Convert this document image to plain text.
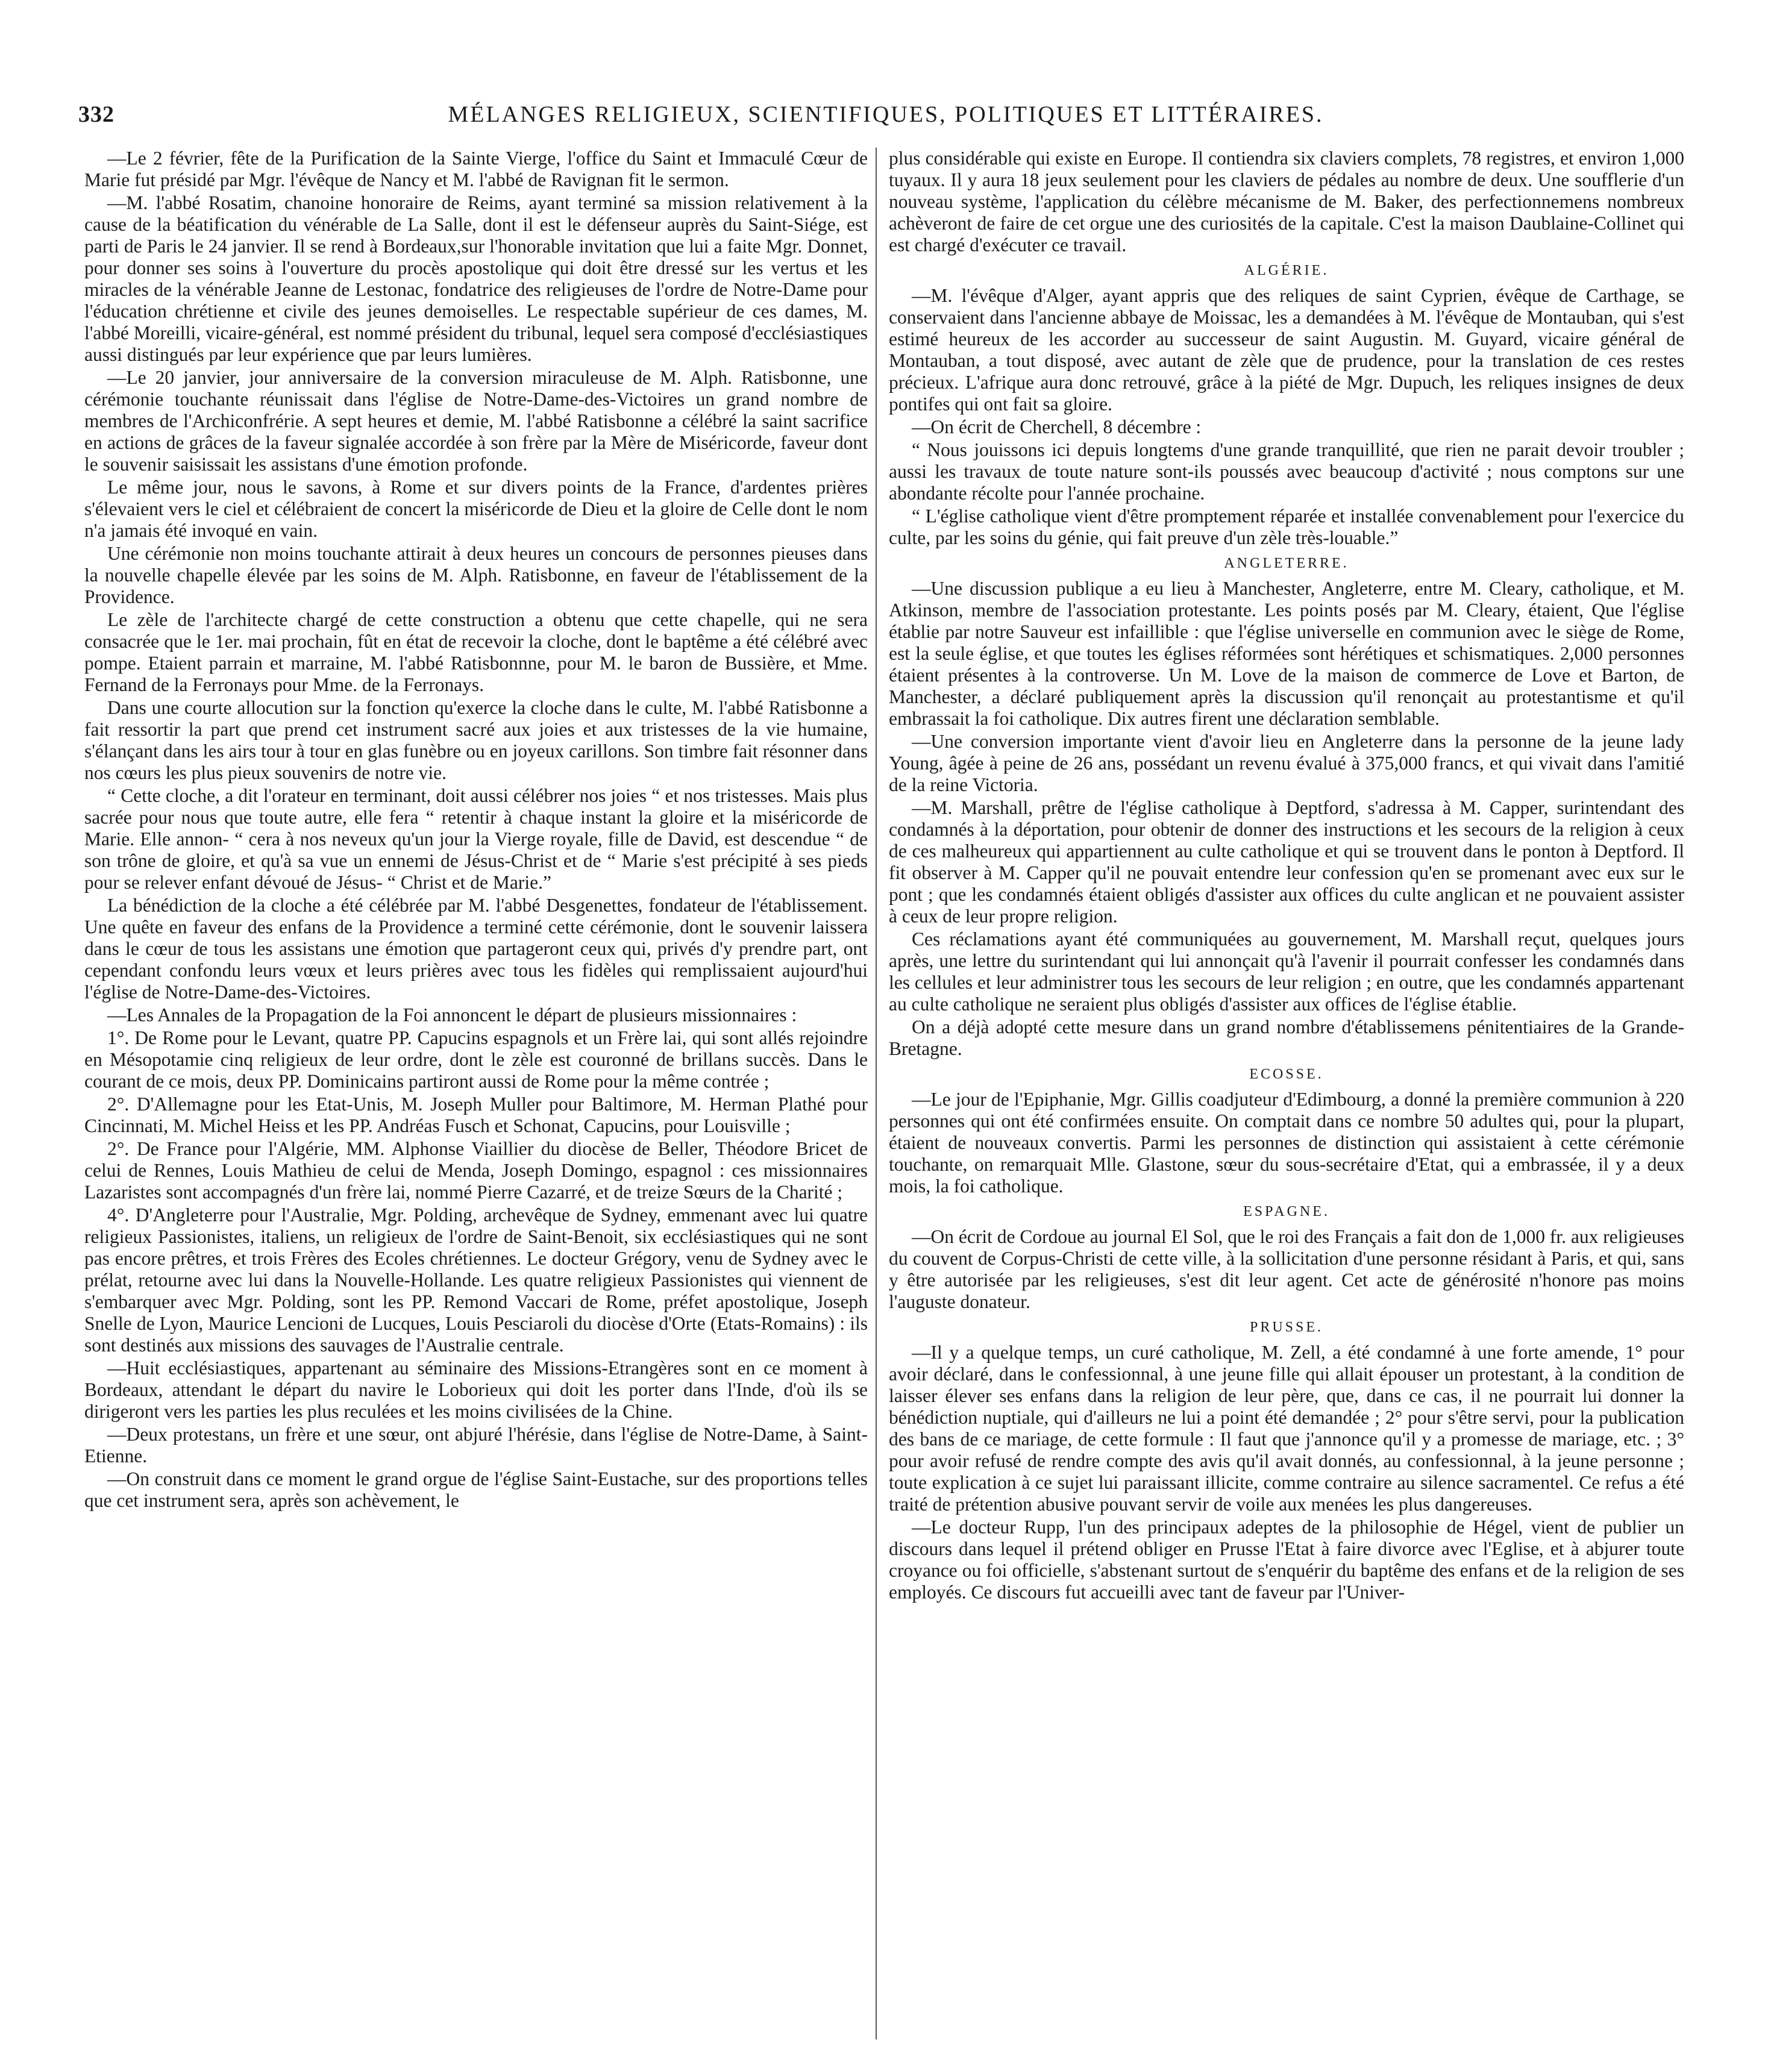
332	MÉLANGES RELIGIEUX, SCIENTIFIQUES, POLITIQUES ET LITTÉRAIRES.

—Le 2 février, fête de la Purification de la Sainte Vierge, l'office du Saint et Immaculé Cœur de Marie fut présidé par Mgr. l'évêque de Nancy et M. l'abbé de Ravignan fit le sermon.

—M. l'abbé Rosatim, chanoine honoraire de Reims, ayant terminé sa mission relativement à la cause de la béatification du vénérable de La Salle, dont il est le défenseur auprès du Saint-Siége, est parti de Paris le 24 janvier. Il se rend à Bordeaux,sur l'honorable invitation que lui a faite Mgr. Donnet, pour donner ses soins à l'ouverture du procès apostolique qui doit être dressé sur les vertus et les miracles de la vénérable Jeanne de Lestonac, fondatrice des religieuses de l'ordre de Notre-Dame pour l'éducation chrétienne et civile des jeunes demoiselles. Le respectable supérieur de ces dames, M. l'abbé Moreilli, vicaire-général, est nommé président du tribunal, lequel sera composé d'ecclésiastiques aussi distingués par leur expérience que par leurs lumières.

—Le 20 janvier, jour anniversaire de la conversion miraculeuse de M. Alph. Ratisbonne, une cérémonie touchante réunissait dans l'église de Notre-Dame-des-Victoires un grand nombre de membres de l'Archiconfrérie. A sept heures et demie, M. l'abbé Ratisbonne a célébré la saint sacrifice en actions de grâces de la faveur signalée accordée à son frère par la Mère de Miséricorde, faveur dont le souvenir saisissait les assistans d'une émotion profonde.

Le même jour, nous le savons, à Rome et sur divers points de la France, d'ardentes prières s'élevaient vers le ciel et célébraient de concert la miséricorde de Dieu et la gloire de Celle dont le nom n'a jamais été invoqué en vain.

Une cérémonie non moins touchante attirait à deux heures un concours de personnes pieuses dans la nouvelle chapelle élevée par les soins de M. Alph. Ratisbonne, en faveur de l'établissement de la Providence.

Le zèle de l'architecte chargé de cette construction a obtenu que cette chapelle, qui ne sera consacrée que le 1er. mai prochain, fût en état de recevoir la cloche, dont le baptême a été célébré avec pompe. Etaient parrain et marraine, M. l'abbé Ratisbonnne, pour M. le baron de Bussière, et Mme. Fernand de la Ferronays pour Mme. de la Ferronays.

Dans une courte allocution sur la fonction qu'exerce la cloche dans le culte, M. l'abbé Ratisbonne a fait ressortir la part que prend cet instrument sacré aux joies et aux tristesses de la vie humaine, s'élançant dans les airs tour à tour en glas funèbre ou en joyeux carillons. Son timbre fait résonner dans nos cœurs les plus pieux souvenirs de notre vie.

“ Cette cloche, a dit l'orateur en terminant, doit aussi célébrer nos joies “ et nos tristesses. Mais plus sacrée pour nous que toute autre, elle fera “ retentir à chaque instant la gloire et la miséricorde de Marie. Elle annon- “ cera à nos neveux qu'un jour la Vierge royale, fille de David, est descendue “ de son trône de gloire, et qu'à sa vue un ennemi de Jésus-Christ et de “ Marie s'est précipité à ses pieds pour se relever enfant dévoué de Jésus- “ Christ et de Marie.”

La bénédiction de la cloche a été célébrée par M. l'abbé Desgenettes, fondateur de l'établissement. Une quête en faveur des enfans de la Providence a terminé cette cérémonie, dont le souvenir laissera dans le cœur de tous les assistans une émotion que partageront ceux qui, privés d'y prendre part, ont cependant confondu leurs vœux et leurs prières avec tous les fidèles qui remplissaient aujourd'hui l'église de Notre-Dame-des-Victoires.

—Les Annales de la Propagation de la Foi annoncent le départ de plusieurs missionnaires :

1°. De Rome pour le Levant, quatre PP. Capucins espagnols et un Frère lai, qui sont allés rejoindre en Mésopotamie cinq religieux de leur ordre, dont le zèle est couronné de brillans succès. Dans le courant de ce mois, deux PP. Dominicains partiront aussi de Rome pour la même contrée ;

2°. D'Allemagne pour les Etat-Unis, M. Joseph Muller pour Baltimore, M. Herman Plathé pour Cincinnati, M. Michel Heiss et les PP. Andréas Fusch et Schonat, Capucins, pour Louisville ;

2°. De France pour l'Algérie, MM. Alphonse Viaillier du diocèse de Beller, Théodore Bricet de celui de Rennes, Louis Mathieu de celui de Menda, Joseph Domingo, espagnol : ces missionnaires Lazaristes sont accompagnés d'un frère lai, nommé Pierre Cazarré, et de treize Sœurs de la Charité ;

4°. D'Angleterre pour l'Australie, Mgr. Polding, archevêque de Sydney, emmenant avec lui quatre religieux Passionistes, italiens, un religieux de l'ordre de Saint-Benoit, six ecclésiastiques qui ne sont pas encore prêtres, et trois Frères des Ecoles chrétiennes. Le docteur Grégory, venu de Sydney avec le prélat, retourne avec lui dans la Nouvelle-Hollande. Les quatre religieux Passionistes qui viennent de s'embarquer avec Mgr. Polding, sont les PP. Remond Vaccari de Rome, préfet apostolique, Joseph Snelle de Lyon, Maurice Lencioni de Lucques, Louis Pesciaroli du diocèse d'Orte (Etats-Romains) : ils sont destinés aux missions des sauvages de l'Australie centrale.

—Huit ecclésiastiques, appartenant au séminaire des Missions-Etrangères sont en ce moment à Bordeaux, attendant le départ du navire le Loborieux qui doit les porter dans l'Inde, d'où ils se dirigeront vers les parties les plus reculées et les moins civilisées de la Chine.

—Deux protestans, un frère et une sœur, ont abjuré l'hérésie, dans l'église de Notre-Dame, à Saint-Etienne.

—On construit dans ce moment le grand orgue de l'église Saint-Eustache, sur des proportions telles que cet instrument sera, après son achèvement, le

plus considérable qui existe en Europe. Il contiendra six claviers complets, 78 registres, et environ 1,000 tuyaux. Il y aura 18 jeux seulement pour les claviers de pédales au nombre de deux. Une soufflerie d'un nouveau système, l'application du célèbre mécanisme de M. Baker, des perfectionnemens nombreux achèveront de faire de cet orgue une des curiosités de la capitale. C'est la maison Daublaine-Collinet qui est chargé d'exécuter ce travail.

ALGÉRIE.

—M. l'évêque d'Alger, ayant appris que des reliques de saint Cyprien, évêque de Carthage, se conservaient dans l'ancienne abbaye de Moissac, les a demandées à M. l'évêque de Montauban, qui s'est estimé heureux de les accorder au successeur de saint Augustin. M. Guyard, vicaire général de Montauban, a tout disposé, avec autant de zèle que de prudence, pour la translation de ces restes précieux. L'afrique aura donc retrouvé, grâce à la piété de Mgr. Dupuch, les reliques insignes de deux pontifes qui ont fait sa gloire.

—On écrit de Cherchell, 8 décembre :

“ Nous jouissons ici depuis longtems d'une grande tranquillité, que rien ne parait devoir troubler ; aussi les travaux de toute nature sont-ils poussés avec beaucoup d'activité ; nous comptons sur une abondante récolte pour l'année prochaine.

“ L'église catholique vient d'être promptement réparée et installée convenablement pour l'exercice du culte, par les soins du génie, qui fait preuve d'un zèle très-louable.”

ANGLETERRE.

—Une discussion publique a eu lieu à Manchester, Angleterre, entre M. Cleary, catholique, et M. Atkinson, membre de l'association protestante. Les points posés par M. Cleary, étaient, Que l'église établie par notre Sauveur est infaillible : que l'église universelle en communion avec le siège de Rome, est la seule église, et que toutes les églises réformées sont hérétiques et schismatiques. 2,000 personnes étaient présentes à la controverse. Un M. Love de la maison de commerce de Love et Barton, de Manchester, a déclaré publiquement après la discussion qu'il renonçait au protestantisme et qu'il embrassait la foi catholique. Dix autres firent une déclaration semblable.

—Une conversion importante vient d'avoir lieu en Angleterre dans la personne de la jeune lady Young, âgée à peine de 26 ans, possédant un revenu évalué à 375,000 francs, et qui vivait dans l'amitié de la reine Victoria.

—M. Marshall, prêtre de l'église catholique à Deptford, s'adressa à M. Capper, surintendant des condamnés à la déportation, pour obtenir de donner des instructions et les secours de la religion à ceux de ces malheureux qui appartiennent au culte catholique et qui se trouvent dans le ponton à Deptford. Il fit observer à M. Capper qu'il ne pouvait entendre leur confession qu'en se promenant avec eux sur le pont ; que les condamnés étaient obligés d'assister aux offices du culte anglican et ne pouvaient assister à ceux de leur propre religion.

Ces réclamations ayant été communiquées au gouvernement, M. Marshall reçut, quelques jours après, une lettre du surintendant qui lui annonçait qu'à l'avenir il pourrait confesser les condamnés dans les cellules et leur administrer tous les secours de leur religion ; en outre, que les condamnés appartenant au culte catholique ne seraient plus obligés d'assister aux offices de l'église établie.

On a déjà adopté cette mesure dans un grand nombre d'établissemens pénitentiaires de la Grande-Bretagne.

ECOSSE.

—Le jour de l'Epiphanie, Mgr. Gillis coadjuteur d'Edimbourg, a donné la première communion à 220 personnes qui ont été confirmées ensuite. On comptait dans ce nombre 50 adultes qui, pour la plupart, étaient de nouveaux convertis. Parmi les personnes de distinction qui assistaient à cette cérémonie touchante, on remarquait Mlle. Glastone, sœur du sous-secrétaire d'Etat, qui a embrassée, il y a deux mois, la foi catholique.

ESPAGNE.

—On écrit de Cordoue au journal El Sol, que le roi des Français a fait don de 1,000 fr. aux religieuses du couvent de Corpus-Christi de cette ville, à la sollicitation d'une personne résidant à Paris, et qui, sans y être autorisée par les religieuses, s'est dit leur agent. Cet acte de générosité n'honore pas moins l'auguste donateur.

PRUSSE.

—Il y a quelque temps, un curé catholique, M. Zell, a été condamné à une forte amende, 1° pour avoir déclaré, dans le confessionnal, à une jeune fille qui allait épouser un protestant, à la condition de laisser élever ses enfans dans la religion de leur père, que, dans ce cas, il ne pourrait lui donner la bénédiction nuptiale, qui d'ailleurs ne lui a point été demandée ; 2° pour s'être servi, pour la publication des bans de ce mariage, de cette formule : Il faut que j'annonce qu'il y a promesse de mariage, etc. ; 3° pour avoir refusé de rendre compte des avis qu'il avait donnés, au confessionnal, à la jeune personne ; toute explication à ce sujet lui paraissant illicite, comme contraire au silence sacramentel. Ce refus a été traité de prétention abusive pouvant servir de voile aux menées les plus dangereuses.

—Le docteur Rupp, l'un des principaux adeptes de la philosophie de Hégel, vient de publier un discours dans lequel il prétend obliger en Prusse l'Etat à faire divorce avec l'Eglise, et à abjurer toute croyance ou foi officielle, s'abstenant surtout de s'enquérir du baptême des enfans et de la religion de ses employés. Ce discours fut accueilli avec tant de faveur par l'Univer-
